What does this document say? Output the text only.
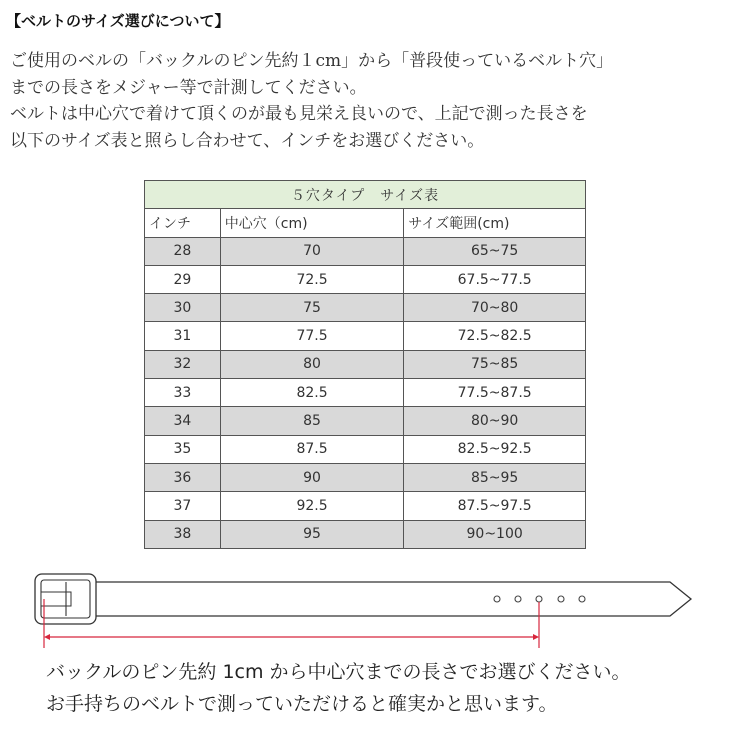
【ベルトのサイズ選びについて】

ご使用のベルの「バックルのピン先約１cm」から「普段使っているベルト穴」

までの長さをメジャー等で計測してください。

ベルトは中心穴で着けて頂くのが最も見栄え良いので、上記で測った長さを

以下のサイズ表と照らし合わせて、インチをお選びください。

５穴タイプ　サイズ表		
インチ	中心穴（cm)	サイズ範囲(cm)
28	70	65~75
29	72.5	67.5~77.5
30	75	70~80
31	77.5	72.5~82.5
32	80	75~85
33	82.5	77.5~87.5
34	85	80~90
35	87.5	82.5~92.5
36	90	85~95
37	92.5	87.5~97.5
38	95	90~100

バックルのピン先約 1cm から中心穴までの長さでお選びください。

お手持ちのベルトで測っていただけると確実かと思います。
